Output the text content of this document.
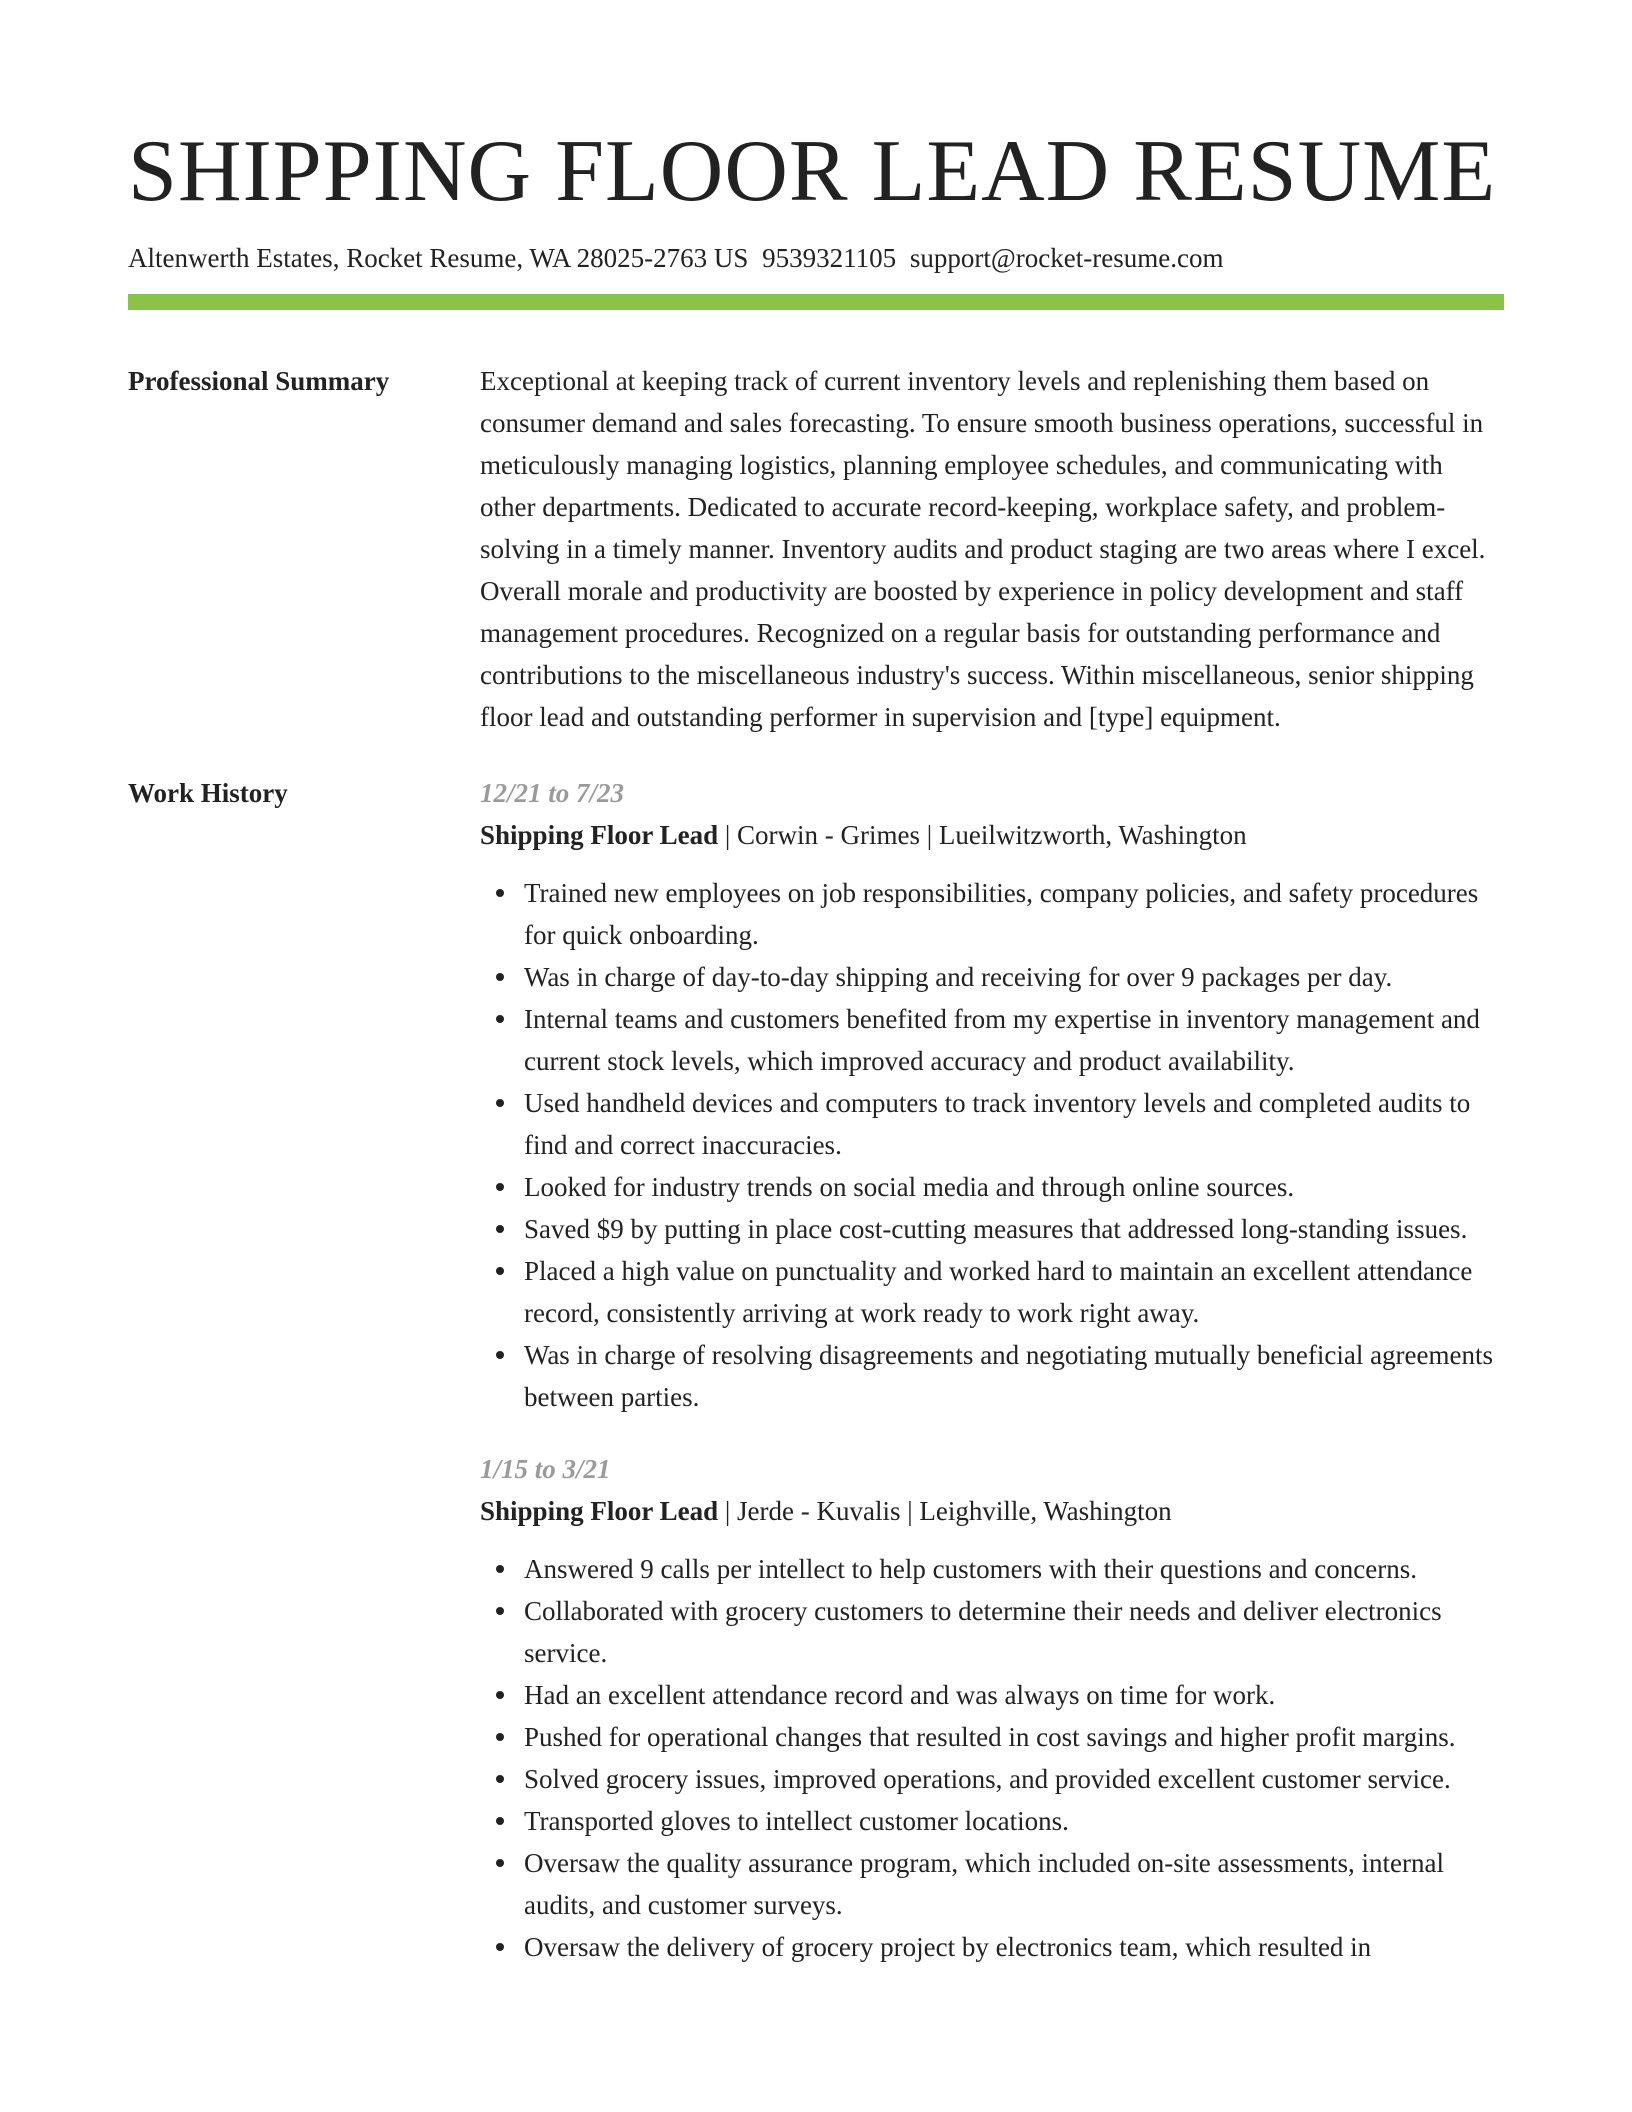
SHIPPING FLOOR LEAD RESUME
Altenwerth Estates, Rocket Resume, WA 28025-2763 US 9539321105 support@rocket-resume.com
Professional Summary	Exceptional at keeping track of current inventory levels and replenishing them based on consumer demand and sales forecasting. To ensure smooth business operations, successful in meticulously managing logistics, planning employee schedules, and communicating with other departments. Dedicated to accurate record-keeping, workplace safety, and problem-solving in a timely manner. Inventory audits and product staging are two areas where I excel. Overall morale and productivity are boosted by experience in policy development and staff management procedures. Recognized on a regular basis for outstanding performance and contributions to the miscellaneous industry's success. Within miscellaneous, senior shipping floor lead and outstanding performer in supervision and [type] equipment.

Work History	12/21 to 7/23
Shipping Floor Lead | Corwin - Grimes | Lueilwitzworth, Washington
Trained new employees on job responsibilities, company policies, and safety procedures for quick onboarding.
Was in charge of day-to-day shipping and receiving for over 9 packages per day.
Internal teams and customers benefited from my expertise in inventory management and current stock levels, which improved accuracy and product availability.
Used handheld devices and computers to track inventory levels and completed audits to find and correct inaccuracies.
Looked for industry trends on social media and through online sources.
Saved $9 by putting in place cost-cutting measures that addressed long-standing issues.
Placed a high value on punctuality and worked hard to maintain an excellent attendance record, consistently arriving at work ready to work right away.
Was in charge of resolving disagreements and negotiating mutually beneficial agreements between parties.
1/15 to 3/21
Shipping Floor Lead | Jerde - Kuvalis | Leighville, Washington
Answered 9 calls per intellect to help customers with their questions and concerns.
Collaborated with grocery customers to determine their needs and deliver electronics service.
Had an excellent attendance record and was always on time for work.
Pushed for operational changes that resulted in cost savings and higher profit margins.
Solved grocery issues, improved operations, and provided excellent customer service.
Transported gloves to intellect customer locations.
Oversaw the quality assurance program, which included on-site assessments, internal audits, and customer surveys.
Oversaw the delivery of grocery project by electronics team, which resulted in
